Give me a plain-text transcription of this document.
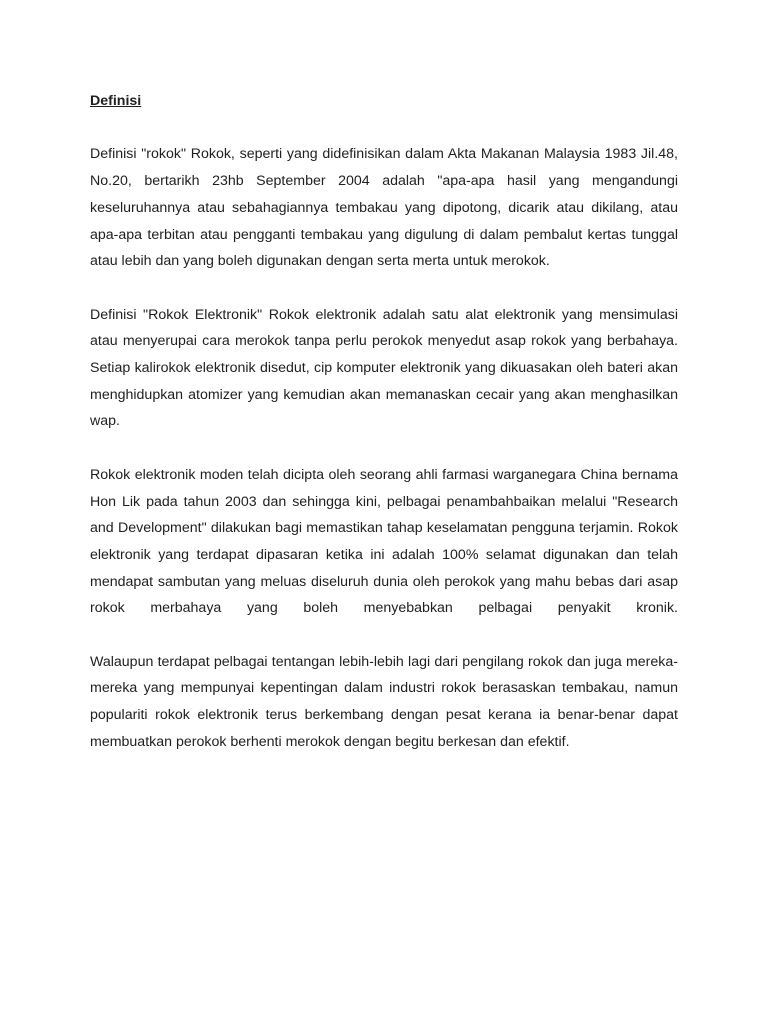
Definisi

Definisi "rokok" Rokok, seperti yang didefinisikan dalam Akta Makanan Malaysia 1983 Jil.48, No.20, bertarikh 23hb September 2004 adalah "apa-apa hasil yang mengandungi keseluruhannya atau sebahagiannya tembakau yang dipotong, dicarik atau dikilang, atau apa-apa terbitan atau pengganti tembakau yang digulung di dalam pembalut kertas tunggal atau lebih dan yang boleh digunakan dengan serta merta untuk merokok.

Definisi "Rokok Elektronik" Rokok elektronik adalah satu alat elektronik yang mensimulasi atau menyerupai cara merokok tanpa perlu perokok menyedut asap rokok yang berbahaya. Setiap kalirokok elektronik disedut, cip komputer elektronik yang dikuasakan oleh bateri akan menghidupkan atomizer yang kemudian akan memanaskan cecair yang akan menghasilkan wap.

Rokok elektronik moden telah dicipta oleh seorang ahli farmasi warganegara China bernama Hon Lik pada tahun 2003 dan sehingga kini, pelbagai penambahbaikan melalui "Research and Development" dilakukan bagi memastikan tahap keselamatan pengguna terjamin. Rokok elektronik yang terdapat dipasaran ketika ini adalah 100% selamat digunakan dan telah mendapat sambutan yang meluas diseluruh dunia oleh perokok yang mahu bebas dari asap rokok merbahaya yang boleh menyebabkan pelbagai penyakit kronik.

Walaupun terdapat pelbagai tentangan lebih-lebih lagi dari pengilang rokok dan juga mereka-mereka yang mempunyai kepentingan dalam industri rokok berasaskan tembakau, namun populariti rokok elektronik terus berkembang dengan pesat kerana ia benar-benar dapat membuatkan perokok berhenti merokok dengan begitu berkesan dan efektif.
